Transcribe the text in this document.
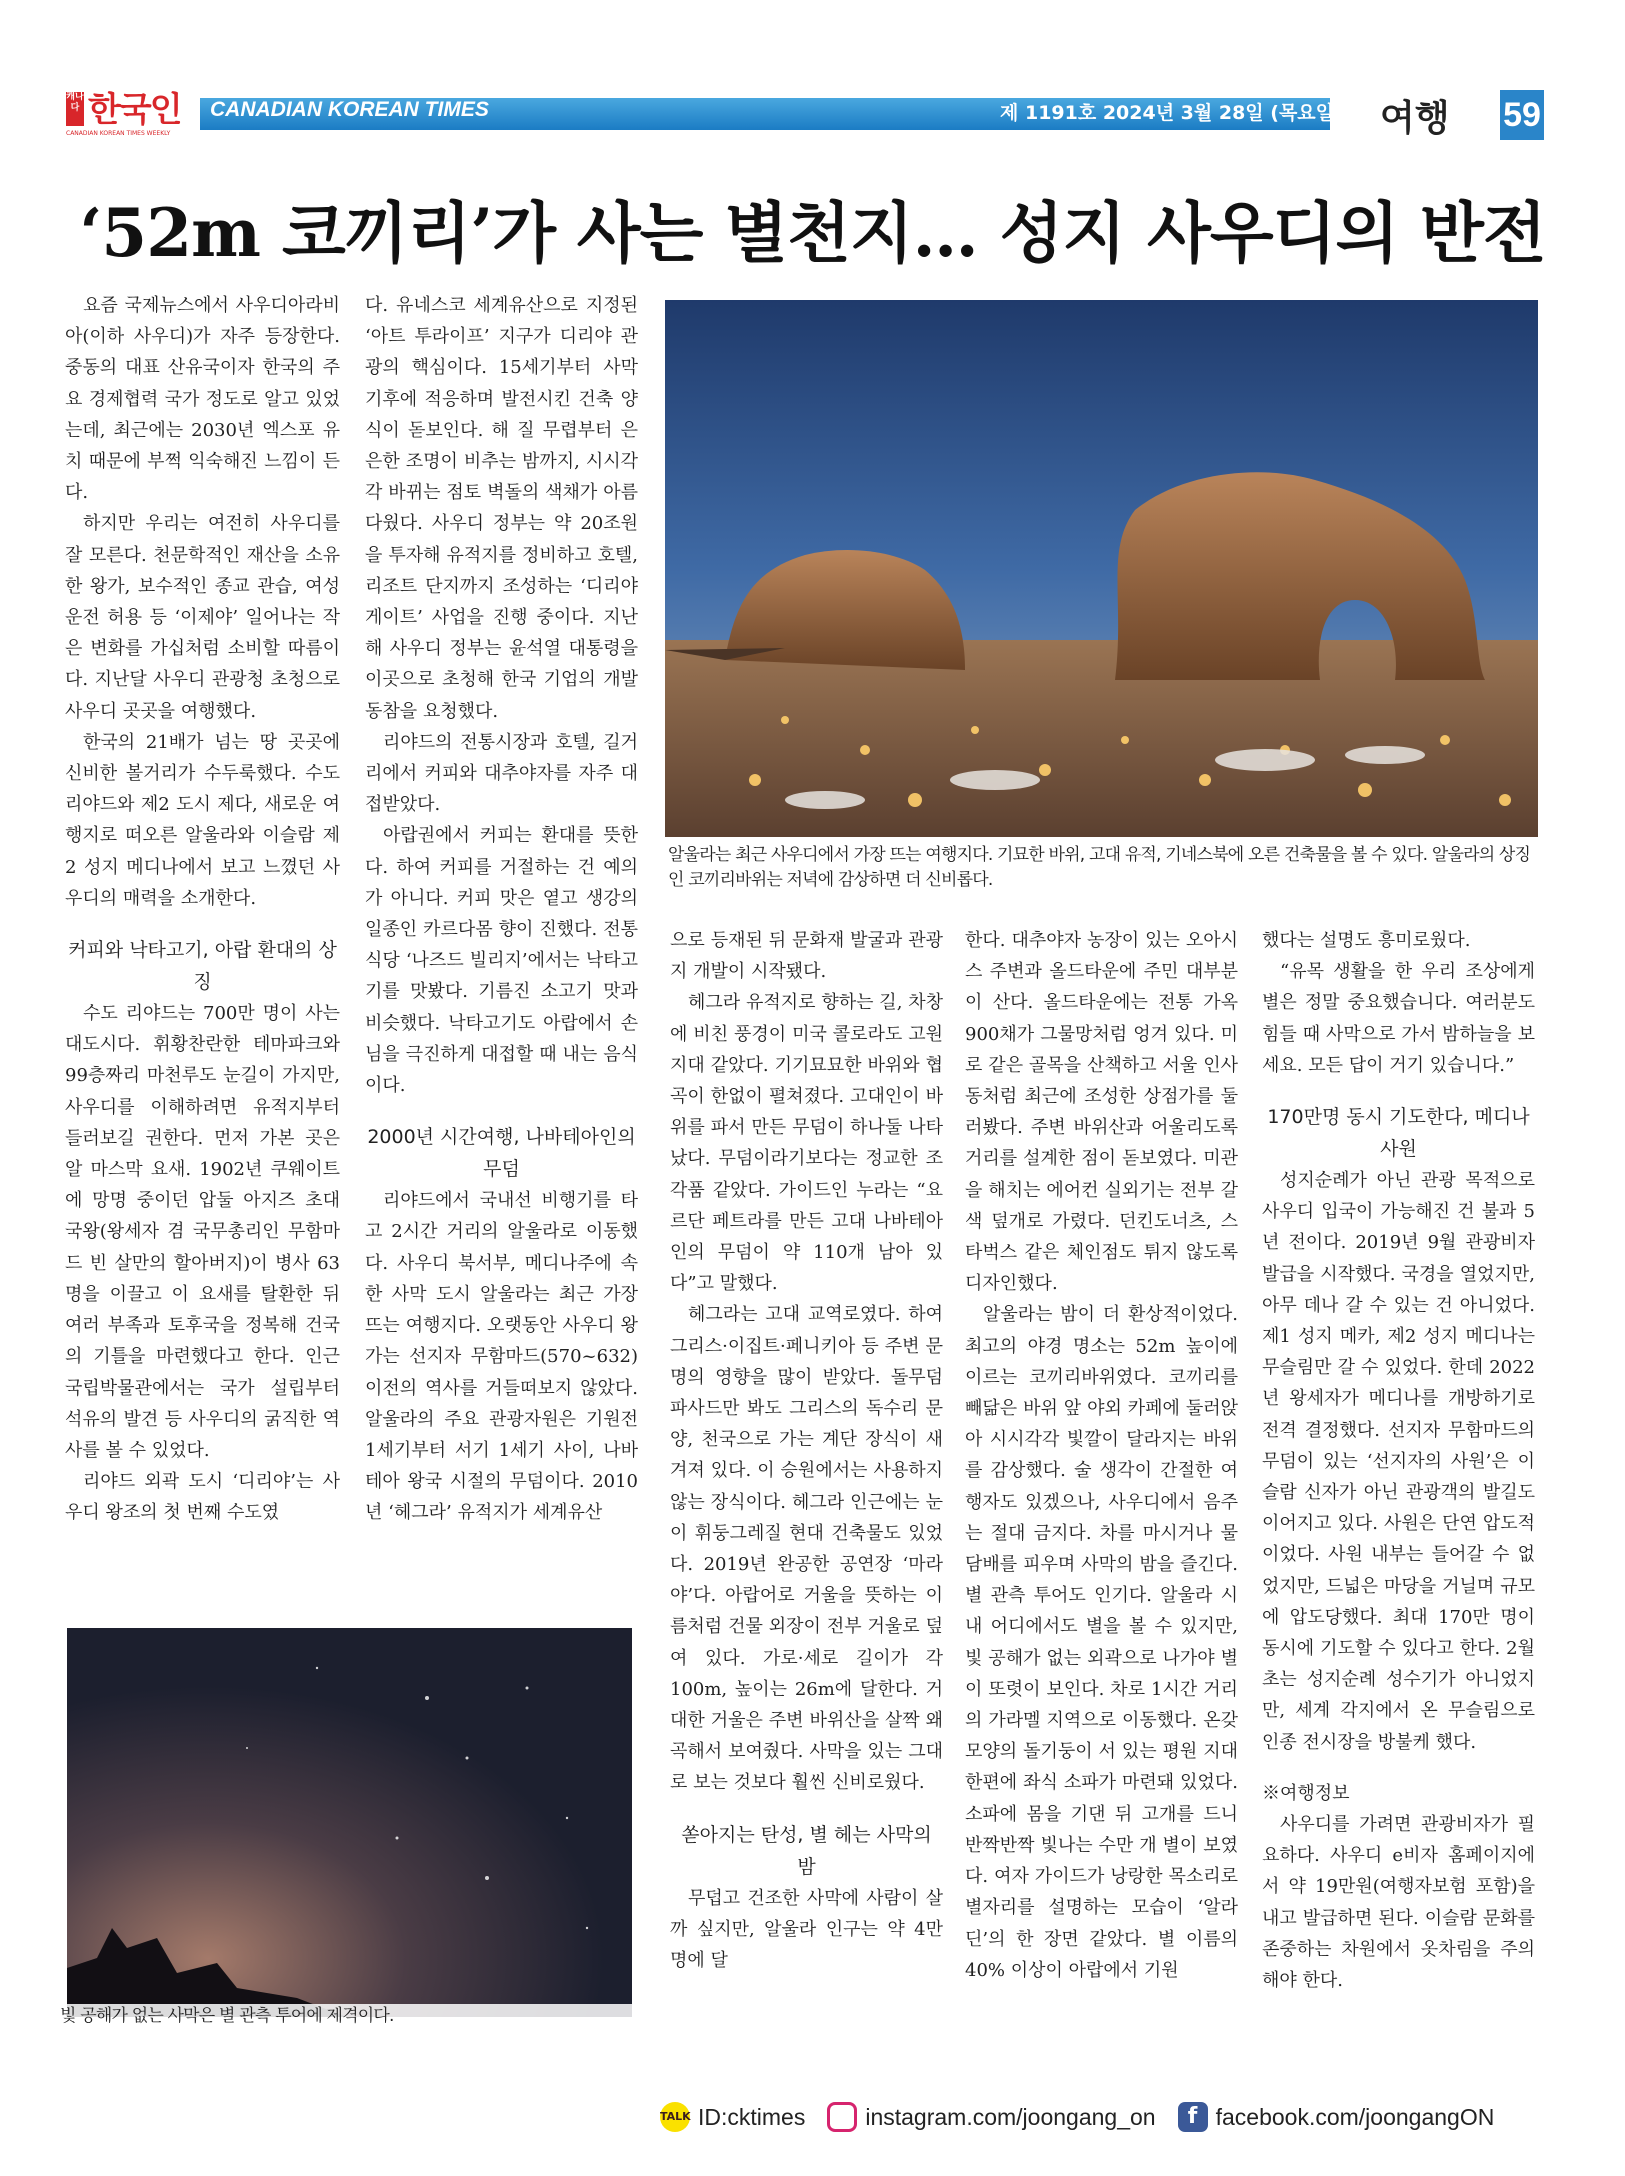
캐나다 한국인
CANADIAN KOREAN TIMES WEEKLY
CANADIAN KOREAN TIMES	제 1191호 2024년 3월 28일 (목요일) 여행 59
‘52m 코끼리’가 사는 별천지… 성지 사우디의 반전

요즘 국제뉴스에서 사우디아라비아(이하 사우디)가 자주 등장한다. 중동의 대표 산유국이자 한국의 주요 경제협력 국가 정도로 알고 있었는데, 최근에는 2030년 엑스포 유치 때문에 부쩍 익숙해진 느낌이 든다.

하지만 우리는 여전히 사우디를 잘 모른다. 천문학적인 재산을 소유한 왕가, 보수적인 종교 관습, 여성 운전 허용 등 ‘이제야’ 일어나는 작은 변화를 가십처럼 소비할 따름이다. 지난달 사우디 관광청 초청으로 사우디 곳곳을 여행했다.

한국의 21배가 넘는 땅 곳곳에 신비한 볼거리가 수두룩했다. 수도 리야드와 제2 도시 제다, 새로운 여행지로 떠오른 알울라와 이슬람 제2 성지 메디나에서 보고 느꼈던 사우디의 매력을 소개한다.

커피와 낙타고기, 아랍 환대의 상징

수도 리야드는 700만 명이 사는 대도시다. 휘황찬란한 테마파크와 99층짜리 마천루도 눈길이 가지만, 사우디를 이해하려면 유적지부터 들러보길 권한다. 먼저 가본 곳은 알 마스막 요새. 1902년 쿠웨이트에 망명 중이던 압둘 아지즈 초대 국왕(왕세자 겸 국무총리인 무함마드 빈 살만의 할아버지)이 병사 63명을 이끌고 이 요새를 탈환한 뒤 여러 부족과 토후국을 정복해 건국의 기틀을 마련했다고 한다. 인근 국립박물관에서는 국가 설립부터 석유의 발견 등 사우디의 굵직한 역사를 볼 수 있었다.

리야드 외곽 도시 ‘디리야’는 사우디 왕조의 첫 번째 수도였

다. 유네스코 세계유산으로 지정된 ‘아트 투라이프’ 지구가 디리야 관광의 핵심이다. 15세기부터 사막 기후에 적응하며 발전시킨 건축 양식이 돋보인다. 해 질 무렵부터 은은한 조명이 비추는 밤까지, 시시각각 바뀌는 점토 벽돌의 색채가 아름다웠다. 사우디 정부는 약 20조원을 투자해 유적지를 정비하고 호텔, 리조트 단지까지 조성하는 ‘디리야 게이트’ 사업을 진행 중이다. 지난해 사우디 정부는 윤석열 대통령을 이곳으로 초청해 한국 기업의 개발 동참을 요청했다.

리야드의 전통시장과 호텔, 길거리에서 커피와 대추야자를 자주 대접받았다.

아랍권에서 커피는 환대를 뜻한다. 하여 커피를 거절하는 건 예의가 아니다. 커피 맛은 옅고 생강의 일종인 카르다몸 향이 진했다. 전통식당 ‘나즈드 빌리지’에서는 낙타고기를 맛봤다. 기름진 소고기 맛과 비슷했다. 낙타고기도 아랍에서 손님을 극진하게 대접할 때 내는 음식이다.

2000년 시간여행, 나바테아인의 무덤

리야드에서 국내선 비행기를 타고 2시간 거리의 알울라로 이동했다. 사우디 북서부, 메디나주에 속한 사막 도시 알울라는 최근 가장 뜨는 여행지다. 오랫동안 사우디 왕가는 선지자 무함마드(570~632) 이전의 역사를 거들떠보지 않았다. 알울라의 주요 관광자원은 기원전 1세기부터 서기 1세기 사이, 나바테아 왕국 시절의 무덤이다. 2010년 ‘헤그라’ 유적지가 세계유산

알울라는 최근 사우디에서 가장 뜨는 여행지다. 기묘한 바위, 고대 유적, 기네스북에 오른 건축물을 볼 수 있다. 알울라의 상징인 코끼리바위는 저녁에 감상하면 더 신비롭다.

으로 등재된 뒤 문화재 발굴과 관광지 개발이 시작됐다.

헤그라 유적지로 향하는 길, 차창에 비친 풍경이 미국 콜로라도 고원지대 같았다. 기기묘묘한 바위와 협곡이 한없이 펼쳐졌다. 고대인이 바위를 파서 만든 무덤이 하나둘 나타났다. 무덤이라기보다는 정교한 조각품 같았다. 가이드인 누라는 “요르단 페트라를 만든 고대 나바테아인의 무덤이 약 110개 남아 있다”고 말했다.

헤그라는 고대 교역로였다. 하여 그리스·이집트·페니키아 등 주변 문명의 영향을 많이 받았다. 돌무덤 파사드만 봐도 그리스의 독수리 문양, 천국으로 가는 계단 장식이 새겨져 있다. 이 승원에서는 사용하지 않는 장식이다. 헤그라 인근에는 눈이 휘둥그레질 현대 건축물도 있었다. 2019년 완공한 공연장 ‘마라야’다. 아랍어로 거울을 뜻하는 이름처럼 건물 외장이 전부 거울로 덮여 있다. 가로·세로 길이가 각 100m, 높이는 26m에 달한다. 거대한 거울은 주변 바위산을 살짝 왜곡해서 보여줬다. 사막을 있는 그대로 보는 것보다 훨씬 신비로웠다.

쏟아지는 탄성, 별 헤는 사막의 밤

무덥고 건조한 사막에 사람이 살까 싶지만, 알울라 인구는 약 4만 명에 달

한다. 대추야자 농장이 있는 오아시스 주변과 올드타운에 주민 대부분이 산다. 올드타운에는 전통 가옥 900채가 그물망처럼 엉겨 있다. 미로 같은 골목을 산책하고 서울 인사동처럼 최근에 조성한 상점가를 둘러봤다. 주변 바위산과 어울리도록 거리를 설계한 점이 돋보였다. 미관을 해치는 에어컨 실외기는 전부 갈색 덮개로 가렸다. 던킨도너츠, 스타벅스 같은 체인점도 튀지 않도록 디자인했다.

알울라는 밤이 더 환상적이었다. 최고의 야경 명소는 52m 높이에 이르는 코끼리바위였다. 코끼리를 빼닮은 바위 앞 야외 카페에 둘러앉아 시시각각 빛깔이 달라지는 바위를 감상했다. 술 생각이 간절한 여행자도 있겠으나, 사우디에서 음주는 절대 금지다. 차를 마시거나 물담배를 피우며 사막의 밤을 즐긴다. 별 관측 투어도 인기다. 알울라 시내 어디에서도 별을 볼 수 있지만, 빛 공해가 없는 외곽으로 나가야 별이 또렷이 보인다. 차로 1시간 거리의 가라멜 지역으로 이동했다. 온갖 모양의 돌기둥이 서 있는 평원 지대 한편에 좌식 소파가 마련돼 있었다. 소파에 몸을 기댄 뒤 고개를 드니 반짝반짝 빛나는 수만 개 별이 보였다. 여자 가이드가 낭랑한 목소리로 별자리를 설명하는 모습이 ‘알라딘’의 한 장면 같았다. 별 이름의 40% 이상이 아랍에서 기원

했다는 설명도 흥미로웠다.

“유목 생활을 한 우리 조상에게 별은 정말 중요했습니다. 여러분도 힘들 때 사막으로 가서 밤하늘을 보세요. 모든 답이 거기 있습니다.”

170만명 동시 기도한다, 메디나 사원

성지순례가 아닌 관광 목적으로 사우디 입국이 가능해진 건 불과 5년 전이다. 2019년 9월 관광비자 발급을 시작했다. 국경을 열었지만, 아무 데나 갈 수 있는 건 아니었다. 제1 성지 메카, 제2 성지 메디나는 무슬림만 갈 수 있었다. 한데 2022년 왕세자가 메디나를 개방하기로 전격 결정했다. 선지자 무함마드의 무덤이 있는 ‘선지자의 사원’은 이슬람 신자가 아닌 관광객의 발길도 이어지고 있다. 사원은 단연 압도적이었다. 사원 내부는 들어갈 수 없었지만, 드넓은 마당을 거닐며 규모에 압도당했다. 최대 170만 명이 동시에 기도할 수 있다고 한다. 2월 초는 성지순례 성수기가 아니었지만, 세계 각지에서 온 무슬림으로 인종 전시장을 방불케 했다.

※여행정보

사우디를 가려면 관광비자가 필요하다. 사우디 e비자 홈페이지에서 약 19만원(여행자보험 포함)을 내고 발급하면 된다. 이슬람 문화를 존중하는 차원에서 옷차림을 주의해야 한다.

빛 공해가 없는 사막은 별 관측 투어에 제격이다.
TALK ID:cktimes	instagram.com/joongang_on	f facebook.com/joongangON
